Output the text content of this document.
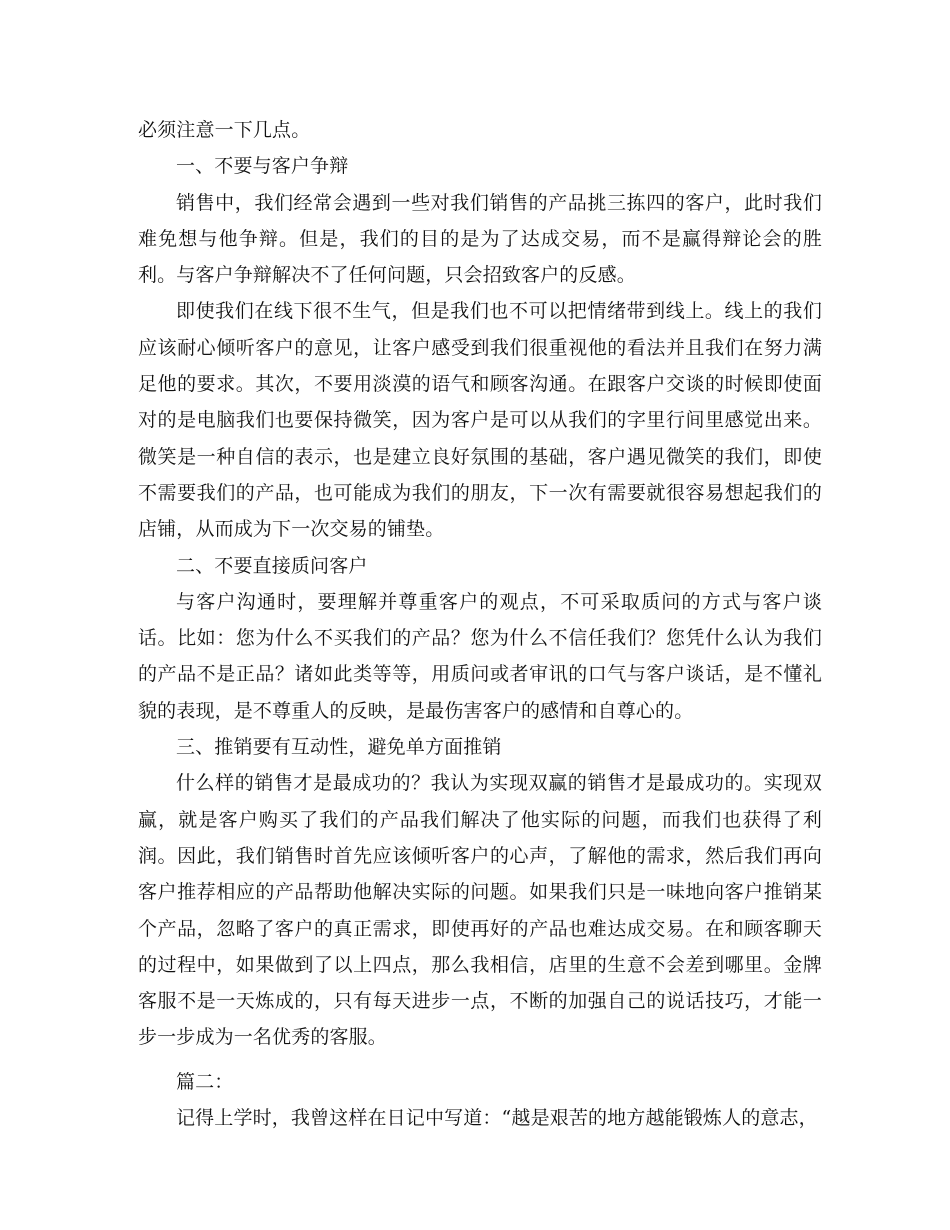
必须注意一下几点。

一、不要与客户争辩

销售中，我们经常会遇到一些对我们销售的产品挑三拣四的客户，此时我们难免想与他争辩。但是，我们的目的是为了达成交易，而不是赢得辩论会的胜利。与客户争辩解决不了任何问题，只会招致客户的反感。

即使我们在线下很不生气，但是我们也不可以把情绪带到线上。线上的我们应该耐心倾听客户的意见，让客户感受到我们很重视他的看法并且我们在努力满足他的要求。其次，不要用淡漠的语气和顾客沟通。在跟客户交谈的时候即使面对的是电脑我们也要保持微笑，因为客户是可以从我们的字里行间里感觉出来。微笑是一种自信的表示，也是建立良好氛围的基础，客户遇见微笑的我们，即使不需要我们的产品，也可能成为我们的朋友，下一次有需要就很容易想起我们的店铺，从而成为下一次交易的铺垫。

二、不要直接质问客户

与客户沟通时，要理解并尊重客户的观点，不可采取质问的方式与客户谈话。比如：您为什么不买我们的产品？您为什么不信任我们？您凭什么认为我们的产品不是正品？诸如此类等等，用质问或者审讯的口气与客户谈话，是不懂礼貌的表现，是不尊重人的反映，是最伤害客户的感情和自尊心的。

三、推销要有互动性，避免单方面推销

什么样的销售才是最成功的？我认为实现双赢的销售才是最成功的。实现双赢，就是客户购买了我们的产品我们解决了他实际的问题，而我们也获得了利润。因此，我们销售时首先应该倾听客户的心声，了解他的需求，然后我们再向客户推荐相应的产品帮助他解决实际的问题。如果我们只是一味地向客户推销某个产品，忽略了客户的真正需求，即使再好的产品也难达成交易。在和顾客聊天的过程中，如果做到了以上四点，那么我相信，店里的生意不会差到哪里。金牌客服不是一天炼成的，只有每天进步一点，不断的加强自己的说话技巧，才能一步一步成为一名优秀的客服。

篇二：

记得上学时，我曾这样在日记中写道：“越是艰苦的地方越能锻炼人的意志，
